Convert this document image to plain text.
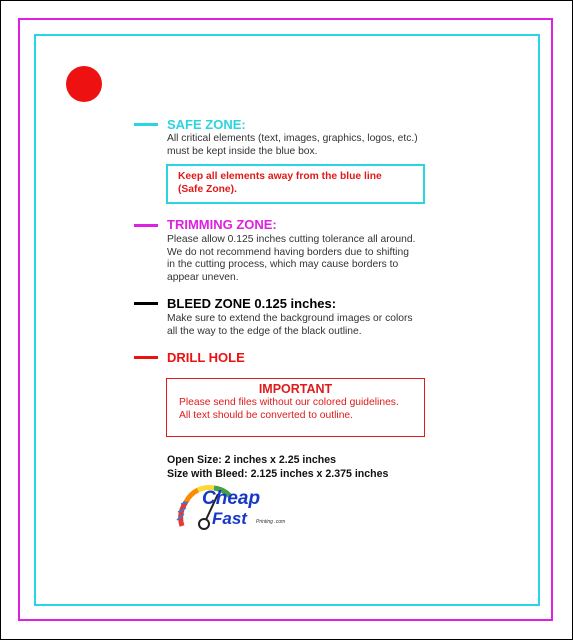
SAFE ZONE:
All critical elements (text, images, graphics, logos, etc.)
must be kept inside the blue box.
Keep all elements away from the blue line
(Safe Zone).
TRIMMING ZONE:
Please allow 0.125 inches cutting tolerance all around.
We do not recommend having borders due to shifting
in the cutting process, which may cause borders to
appear uneven.
BLEED ZONE 0.125 inches:
Make sure to extend the background images or colors
all the way to the edge of the black outline.
DRILL HOLE
IMPORTANT
Please send files without our colored guidelines.
All text should be converted to outline.
Open Size: 2 inches x 2.25 inches
Size with Bleed: 2.125 inches x 2.375 inches
Cheap
Fast Printing .com
